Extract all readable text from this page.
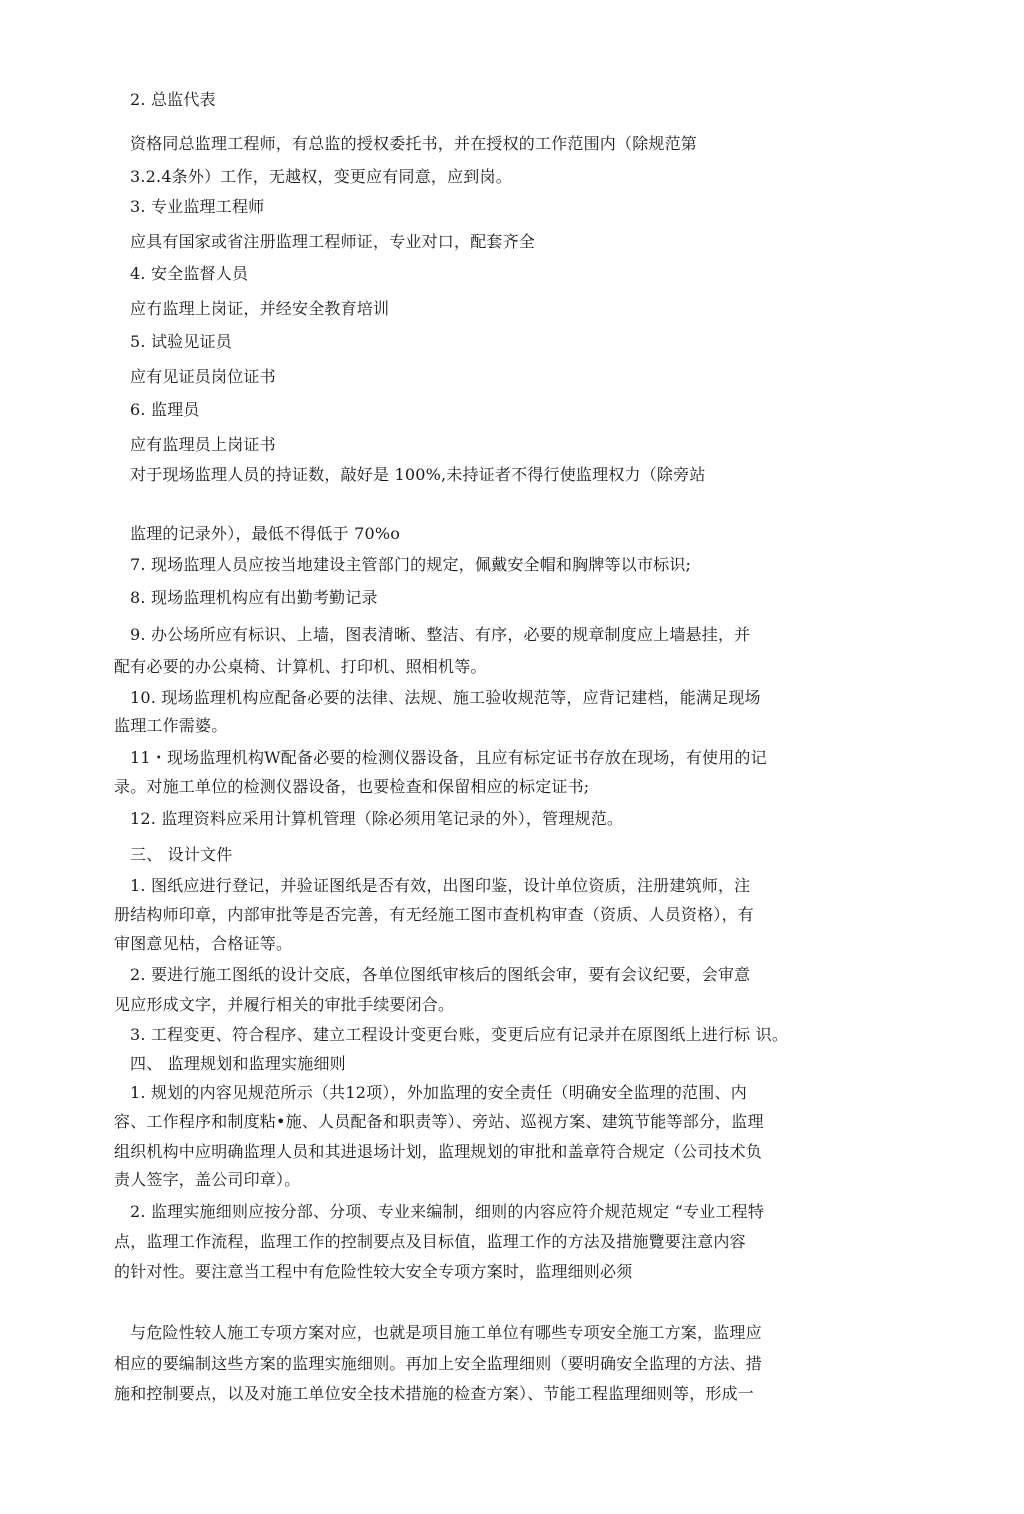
2. 总监代表
资格同总监理工程师，有总监的授权委托书，并在授权的工作范围内（除规范第
3.2.4条外）工作，无越权，变更应有同意，应到岗。
3. 专业监理工程师
应具有国家或省注册监理工程师证，专业对口，配套齐全
4. 安全监督人员
应冇监理上岗证，并经安全教育培训
5. 试验见证员
应有见证员岗位证书
6. 监理员
应有监理员上岗证书
对于现场监理人员的持证数，敲好是 100%,未持证者不得行使监理权力（除旁站
监理的记录外），最低不得低于 70%o
7. 现场监理人员应按当地建设主管部门的规定，佩戴安全帽和胸牌等以市标识;
8. 现场监理机构应有出勤考勤记录
9. 办公场所应有标识、上墙，图表清晰、整洁、有序，必要的规章制度应上墙悬挂，并
配有必要的办公桌椅、计算机、打印机、照相机等。
10. 现场监理机构应配备必要的法律、法规、施工验收规范等，应背记建档，能满足现场
监理工作需婆。
11・现场监理机构W配备必要的检测仪器设备，且应有标定证书存放在现场，有使用的记
录。对施工单位的检测仪器设备，也要检查和保留相应的标定证书;
12. 监理资料应采用计算机管理（除必须用笔记录的外），管理规范。
三、 设计文件
1. 图纸应进行登记，并验证图纸是否有效，出图印鉴，设计单位资质，注册建筑师，注
册结构师印章，内部审批等是否完善，有无经施工图市查机构审查（资质、人员资格），有
审图意见枯，合格证等。
2. 要进行施工图纸的设计交底，各单位图纸审核后的图纸会审，要有会议纪要，会审意
见应形成文字，并履行相关的审批手续要闭合。
3. 工程变更、符合程序、建立工程设计变更台账，变更后应有记录并在原图纸上进行标 识。
四、 监理规划和监理实施细则
1. 规划的内容见规范所示（共12项），外加监理的安全责任（明确安全监理的范围、内
容、工作程序和制度粘•施、人员配备和职责等）、旁站、巡视方案、建筑节能等部分，监理
组织机构中应明确监理人员和其进退场计划，监理规划的审批和盖章符合规定（公司技术负
责人签字，盖公司印章）。
2. 监理实施细则应按分部、分项、专业来编制，细则的内容应符介规范规定 “专业工程特
点，监理工作流程，监理工作的控制要点及目标值，监理工作的方法及措施覽要注意内容
的针对性。要注意当工程中有危险性较大安全专项方案时，监理细则必须
与危险性较人施工专项方案对应，也就是项目施工单位有哪些专项安全施工方案，监理应
相应的要编制这些方案的监理实施细则。再加上安全监理细则（要明确安全监理的方法、措
施和控制要点，以及对施工单位安全技术措施的检查方案）、节能工程监理细则等，形成一
